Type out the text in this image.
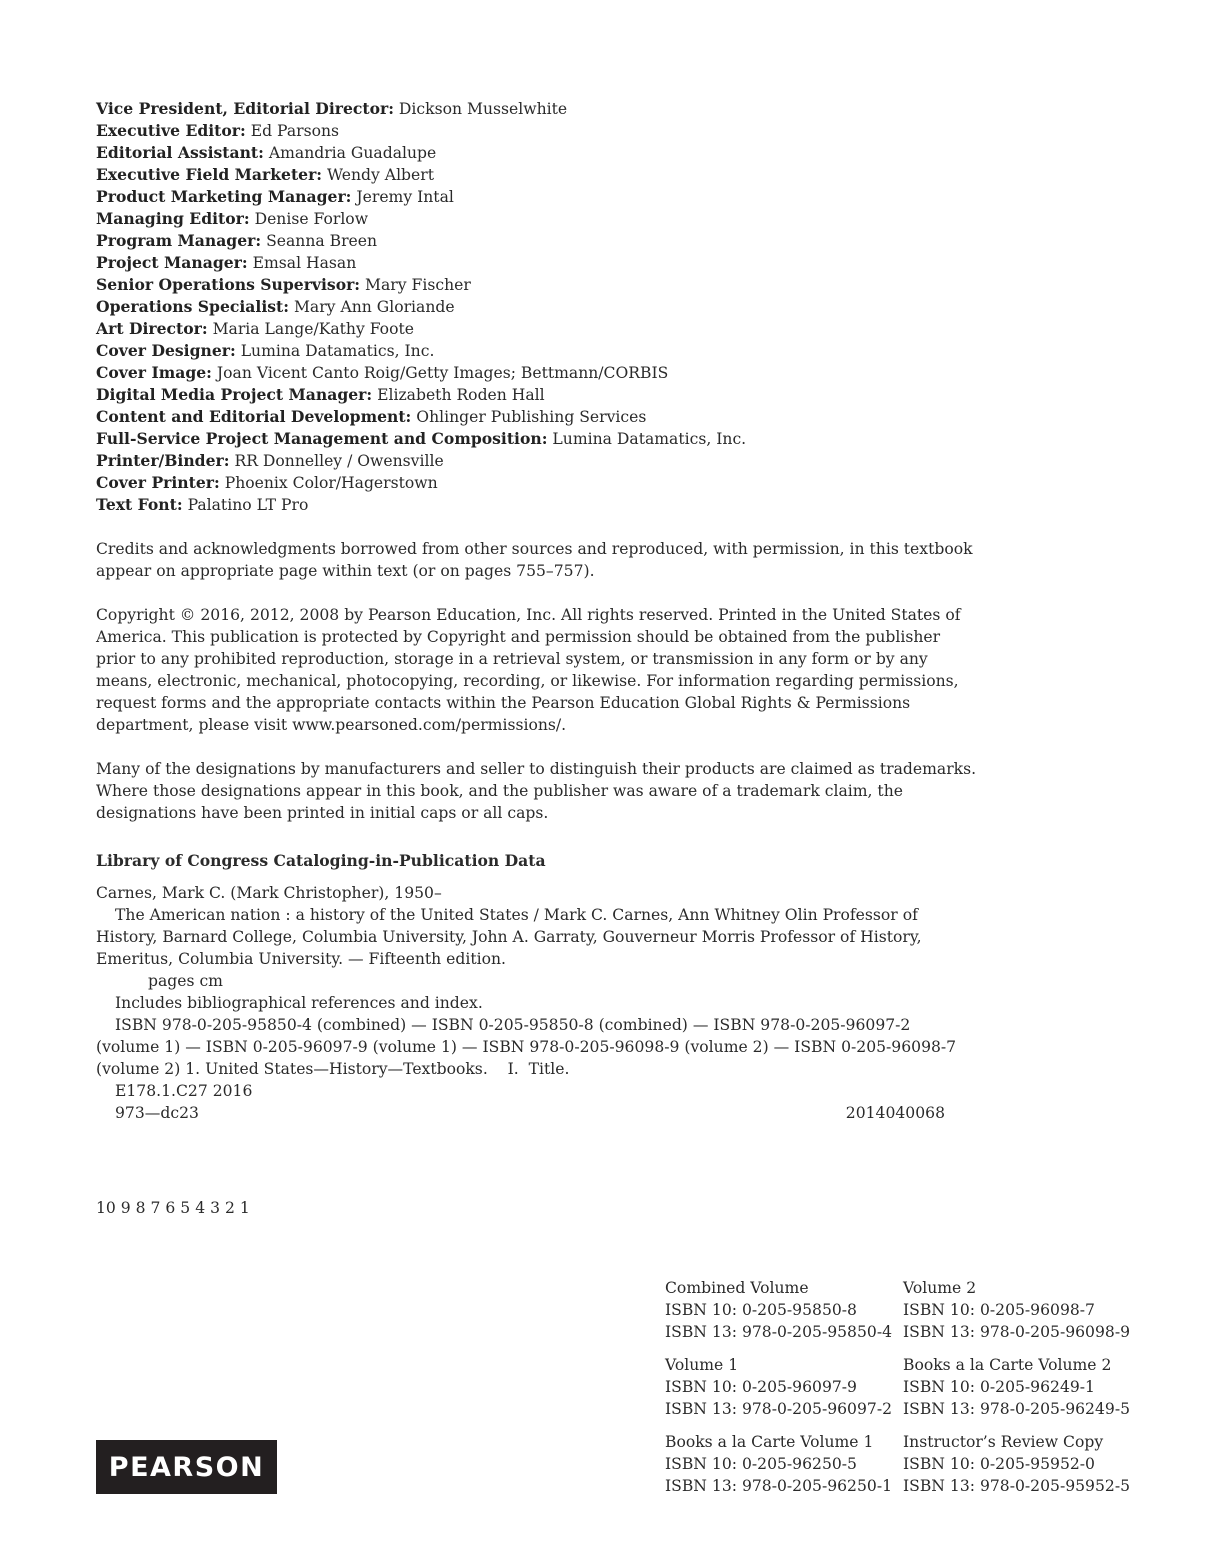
Vice President, Editorial Director: Dickson Musselwhite
Executive Editor: Ed Parsons
Editorial Assistant: Amandria Guadalupe
Executive Field Marketer: Wendy Albert
Product Marketing Manager: Jeremy Intal
Managing Editor: Denise Forlow
Program Manager: Seanna Breen
Project Manager: Emsal Hasan
Senior Operations Supervisor: Mary Fischer
Operations Specialist: Mary Ann Gloriande
Art Director: Maria Lange/Kathy Foote
Cover Designer: Lumina Datamatics, Inc.
Cover Image: Joan Vicent Canto Roig/Getty Images; Bettmann/CORBIS
Digital Media Project Manager: Elizabeth Roden Hall
Content and Editorial Development: Ohlinger Publishing Services
Full-Service Project Management and Composition: Lumina Datamatics, Inc.
Printer/Binder: RR Donnelley / Owensville
Cover Printer: Phoenix Color/Hagerstown
Text Font: Palatino LT Pro
Credits and acknowledgments borrowed from other sources and reproduced, with permission, in this textbook
appear on appropriate page within text (or on pages 755–757).
Copyright © 2016, 2012, 2008 by Pearson Education, Inc. All rights reserved. Printed in the United States of
America. This publication is protected by Copyright and permission should be obtained from the publisher
prior to any prohibited reproduction, storage in a retrieval system, or transmission in any form or by any
means, electronic, mechanical, photocopying, recording, or likewise. For information regarding permissions,
request forms and the appropriate contacts within the Pearson Education Global Rights & Permissions
department, please visit www.pearsoned.com/permissions/.
Many of the designations by manufacturers and seller to distinguish their products are claimed as trademarks.
Where those designations appear in this book, and the publisher was aware of a trademark claim, the
designations have been printed in initial caps or all caps.
Library of Congress Cataloging-in-Publication Data
Carnes, Mark C. (Mark Christopher), 1950–
The American nation : a history of the United States / Mark C. Carnes, Ann Whitney Olin Professor of
History, Barnard College, Columbia University, John A. Garraty, Gouverneur Morris Professor of History,
Emeritus, Columbia University. — Fifteenth edition.
pages cm
Includes bibliographical references and index.
ISBN 978-0-205-95850-4 (combined) — ISBN 0-205-95850-8 (combined) — ISBN 978-0-205-96097-2
(volume 1) — ISBN 0-205-96097-9 (volume 1) — ISBN 978-0-205-96098-9 (volume 2) — ISBN 0-205-96098-7
(volume 2) 1. United States—History—Textbooks.    I.  Title.
E178.1.C27 2016
973—dc23	2014040068
10 9 8 7 6 5 4 3 2 1
Combined Volume
ISBN 10: 0-205-95850-8
ISBN 13: 978-0-205-95850-4
Volume 2
ISBN 10: 0-205-96098-7
ISBN 13: 978-0-205-96098-9
Volume 1
ISBN 10: 0-205-96097-9
ISBN 13: 978-0-205-96097-2
Books a la Carte Volume 2
ISBN 10: 0-205-96249-1
ISBN 13: 978-0-205-96249-5
Books a la Carte Volume 1
ISBN 10: 0-205-96250-5
ISBN 13: 978-0-205-96250-1
Instructor’s Review Copy
ISBN 10: 0-205-95952-0
ISBN 13: 978-0-205-95952-5
PEARSON
